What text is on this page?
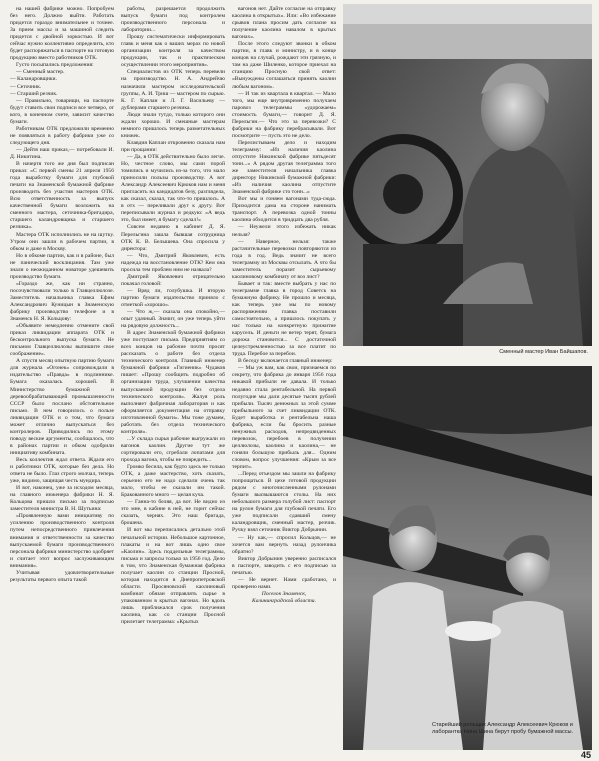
на нашей фабрике можно. Попробуем без него. Должно выйти. Работать придется гораздо внимательнее и точнее. За прием массы и за машиной следить придется с двойной зоркостью. И вот сейчас нужно коллективно определить, кто будет распоряжаться в паспорте на готовую продукцию вместо работников ОТК.

Густо посыпались предложения:

— Сменный мастер.
— Каландровщики.
— Сеточник.
— Старший резчик.

— Правильно, товарищи, на паспорте будут ставить свои подписи все четверо, от кого, в конечном счете, зависит качество бумаги.

Работникам ОТК предложили временно не появляться в работу фабрики уже со следующего дня.

— Дейтя наш приказ,— потребовали И. Д. Никитина.

В начертя того же дня был подписан приказ: «С первой смены 21 апреля 1956 года выработку бумаги для глубокой печати на Знаменской бумажной фабрике производить без участия мастеров ОТК. Всю ответственность за выпуск качественной бумаги возложить на сменного мастера, сеточника-бригадира, старшего каландровщика и старшего резчика».

Мастера ОТК исполнились не на шутку. Утром они зашли в рабочем партии, в обком и даже в Москву.

Но в обкоме партии, как и в районе, был не панический восклицания. Там уже знали о неожиданном новаторе удешевить производство бумаги.

«Гораздо же, как ни странно, посочувствовали только в Главцеллюлозе. Заместитель начальника главка Ефим Александрович Куницын в Знаменскую фабрику производство телефоне и в Знаменск Н. Я. Кольцову:

«Объявите немедленно отмените свой приказ ликвидации аппарата ОТК и бесконтрольного выпуска бумаги. Не письмом Главцеллюлозы выпишите свое соображение».

А спустя месяц опытную партию бумаги для журнала «Огонек» сопровождали в издательство «Правда» в подлиннике. Бумага оказалась хорошей. В Министерство бумажной и деревообрабатывающей промышленности СССР было послано обстоятельное письмо. В нем говорилось о пользе ликвидации ОТК и о том, что бумага может отлично выпускаться без контролеров. Приводились по этому поводу веские аргументы, сообщалось, что в районах партии и обком одобрили инициативу комбината.

Весь коллектив ждал ответа. Ждали его и работники ОТК, которые без дела. Но ответа не было. Глаз строго молчал, теперь уже, видимо, защищая честь мундира.

И вот, наконец, уже за исходом месяца, на главного инженера фабрики Н. Я. Кольцова пришло письмо за подписью заместителя министра В. Н. Шутьина:

«Проявленную вами инициативу по усилению производственного контроля путем непосредственного привлечения внимания и ответственности за качество выпускаемой бумаги производственного персонала фабрики министерство одобряет и считает этот вопрос заслуживающим внимания».

Учитывая удовлетворительные результаты первого опыта такой

работы, разрешается продолжить выпуск бумаги под контролем производственного персонала и лаборатории...

Прошу систематически информировать главк и меня как о ваших мерах по новой организации контроля за качеством продукции, так и практическом осуществлении этого мероприятия».

Специалистов из ОТК теперь перевели на производство. Н. А. Андрейчю назначили мастером исследовательской группы, А. И. Триш — мастером по сырью. К. Г. Каплан и Л. Г. Васильеву — дублерами старшего резчика.

Люди знали тутдо, только которого они ждали хорошо. И смешные мастерам немного пришлось теперь разметательных книжек.

Клавдия Каплан откровенно сказала нам при прощании:

— Да, в ОТК действительно было легче. Но, честное слово, мы сами порой томились и мучились из-за того, что мало приносили пользы производству. А вот Александр Алексеевич Крюков нам и меня пригласить на кандидатов безу, разглядела, как сказал, сказал, так что-то пришлось. А в отх — переливали друг к другу. Вот переписывали журнал и редкую: «А ведь это, был имеет, я бумагу сделал!»

Совсем недавно в кабинет Д. Я. Перельгина зашла бывшая сотрудница ОТК К. В. Белышева. Она спросила у директора:

— Что, Дмитрий Яковлевич, есть надежда на восстановление ОТК? Кем она просила тем проблем ним не назвала?

Дмитрий Яковлевич отрицательно покачал головой:

— Вряд ли, голубушка. И вторую партию бумаги издательство приняло с отметкой «хорошо».

— Что ж,— сказала она спокойно,— опыт удачный. Значит, он уже теперь уйти на рядовую должность...

В адрес Знаменской бумажной фабрики уже поступают письма. Предприятиям со всех концов на рабочие почти просят рассказать о работе без отдела технического контроля. Главный инженер бумажной фабрики «Гигиеник» Чудаков пишет: «Прошу сообщить подробно об организации труда, улучшении качества выпускаемой продукции без отдела технического контроля». Жалуя роль выполняет фабричная лаборатория и как оформляется документация на отправку изготовленной бумаги». Мы тоже думаем, работать без отдела технического контроля».

...У склада сырья рабочие выгружали из вагонов каолин. Другие тут же сортировали его, сгребали лопатами для прохода вагона, чтобы не повредить...

Громко бесила, как будто здесь не только ОТК, а даже мастерство, хоть сказать, серьезно его не надо сделали очень так мало, чтобы ее сказали им такой. Бракованного много — целая куча.

— Ганна-то беляя, да вот. Не видно из это мне, в кабине в ней, не горит сейчас сказать, чернях. Это наш бригада, брошена.

И вот мы переписались детально этой печальной истории. Небольшое картонное, плакаты и на вот лишь одно свое «Каолин». Здесь поддельные телеграммы, письма и запросы только за 1956 год. Дело в том, что Знаменская бумажная фабрика получает каолин со станции Просной, которая находится в Днепропетровской области. Просяновский каолиновый комбинат обязан отправлять сырье в упакованном в крытых вагонах. Но вдоль лишь приближался срок получения каолина, как со станции Просной прилетает телеграмма: «Крытых

вагонов нет. Дайте согласие на отправку каолина в открытых». Или: «Во избежание срывов плана просим дать согласие на получение каолина навалом в крытых вагонах».

После этого следуют звонки в обком партии, в главк и министру, и в конце концов на случай, рождают эти грязную, и там на даже Шиленко, которое приехал на станцию Просную свой ответ: «Вынуждены соглашаться принять каолин любым вагоном».

— И так из квартала в квартал. — Мало того, мы еще внутривременно получаем паровоз телеграммы «удорожаем» стоимость бумаги,— говорит Д. Я. Перельгин.— Что это за перевозки? С фабрики на фабрику перебрасывали. Вот посмотрите — пусть это не дело.

Перелистываем дело и находим телеграмму: «Из наличия каолина отпустите Никинской фабрике пятьдесят тонн...» А рядом другая телеграмма того же заместителя начальника главка директору Никинской бумажной фабрики: «Из наличия каолина отпустите Знаменской фабрике сто тонн...»

Вот мы и гоняем вагонами тудa-сюда. Приходится дама на стороне нанимать транспорт. А перевозка одной тонны каолина обходится в тридцать два рубля.

— Неужели этого избежать никак нельзя?

— Наверное, нельзя: также растачительные перевозки повторяются из года в год. Ведь значит не всего телеграмму из Москвы отсылать. А что бы заместитель поразит сырьевому каолиновому комбинату от воз лист?

Бывает и так: вместе выбрать у нас по телеграмме главка в город Советск на бумажную фабрику. Не прошло и месяца, как теперь уже мы по новому распоряжению главка поставили самостоятельно, а пришлось покупать у нас только на конкретную прижитие карусель. И деньги не ветер терят, бумага дорожа становится... С достаточной целеустремленностью за все платит по труда. Перебое за перебои.

В беседу включается главный инженер:

— Мы уж вам, как свои, признаемся по секрету, что фабрика до января 1956 года никакой прибыли не давала. И только недавно стала рентабельной. На первой полугодие мы дали десятые тысяч рублей прибыли. Тысяч денежных за этой сумме прибыльного за счет ликвидации ОТК. Будет выработка и рентабельна наша фабрика, если бы бросить разные ненужных расходов, непредвиденных перевозок, перебоев в получении целлюлозы, каолина и каолина,— не гоняли большую прибыль для... Одним словом, вопрос улучшения: «Крым за все терпит».

...Перед отъездом мы зашли на фабрику попрощаться. В цехе готовой продукции рядом с многочисленными рулонами бумаги высвышаются столы. На них небольшого размера голубой лист: паспорт на рулон бумаги для глубокой печати. Его уже подписали сдавший смену каландровщик, сменный мастер, резчик. Ручку взял сеточник Виктор Добрынин.

— Ну как,— спросил Кольцов,— не хочется вам вернуть назад рулончика обратно?

Виктор Добрынин уверенно расписался в паспорте, заводить с его подписью за печатью.

— Не вернет. Нами сработано, и проверено нами.

Поселок Знаменск,
Калининградской области.

Сменный мастер Иван Байшапов.
Старейший рольщик Александр Алексеевич Крюков и лаборантка Нина Шина берут пробу бумажной массы.
45
